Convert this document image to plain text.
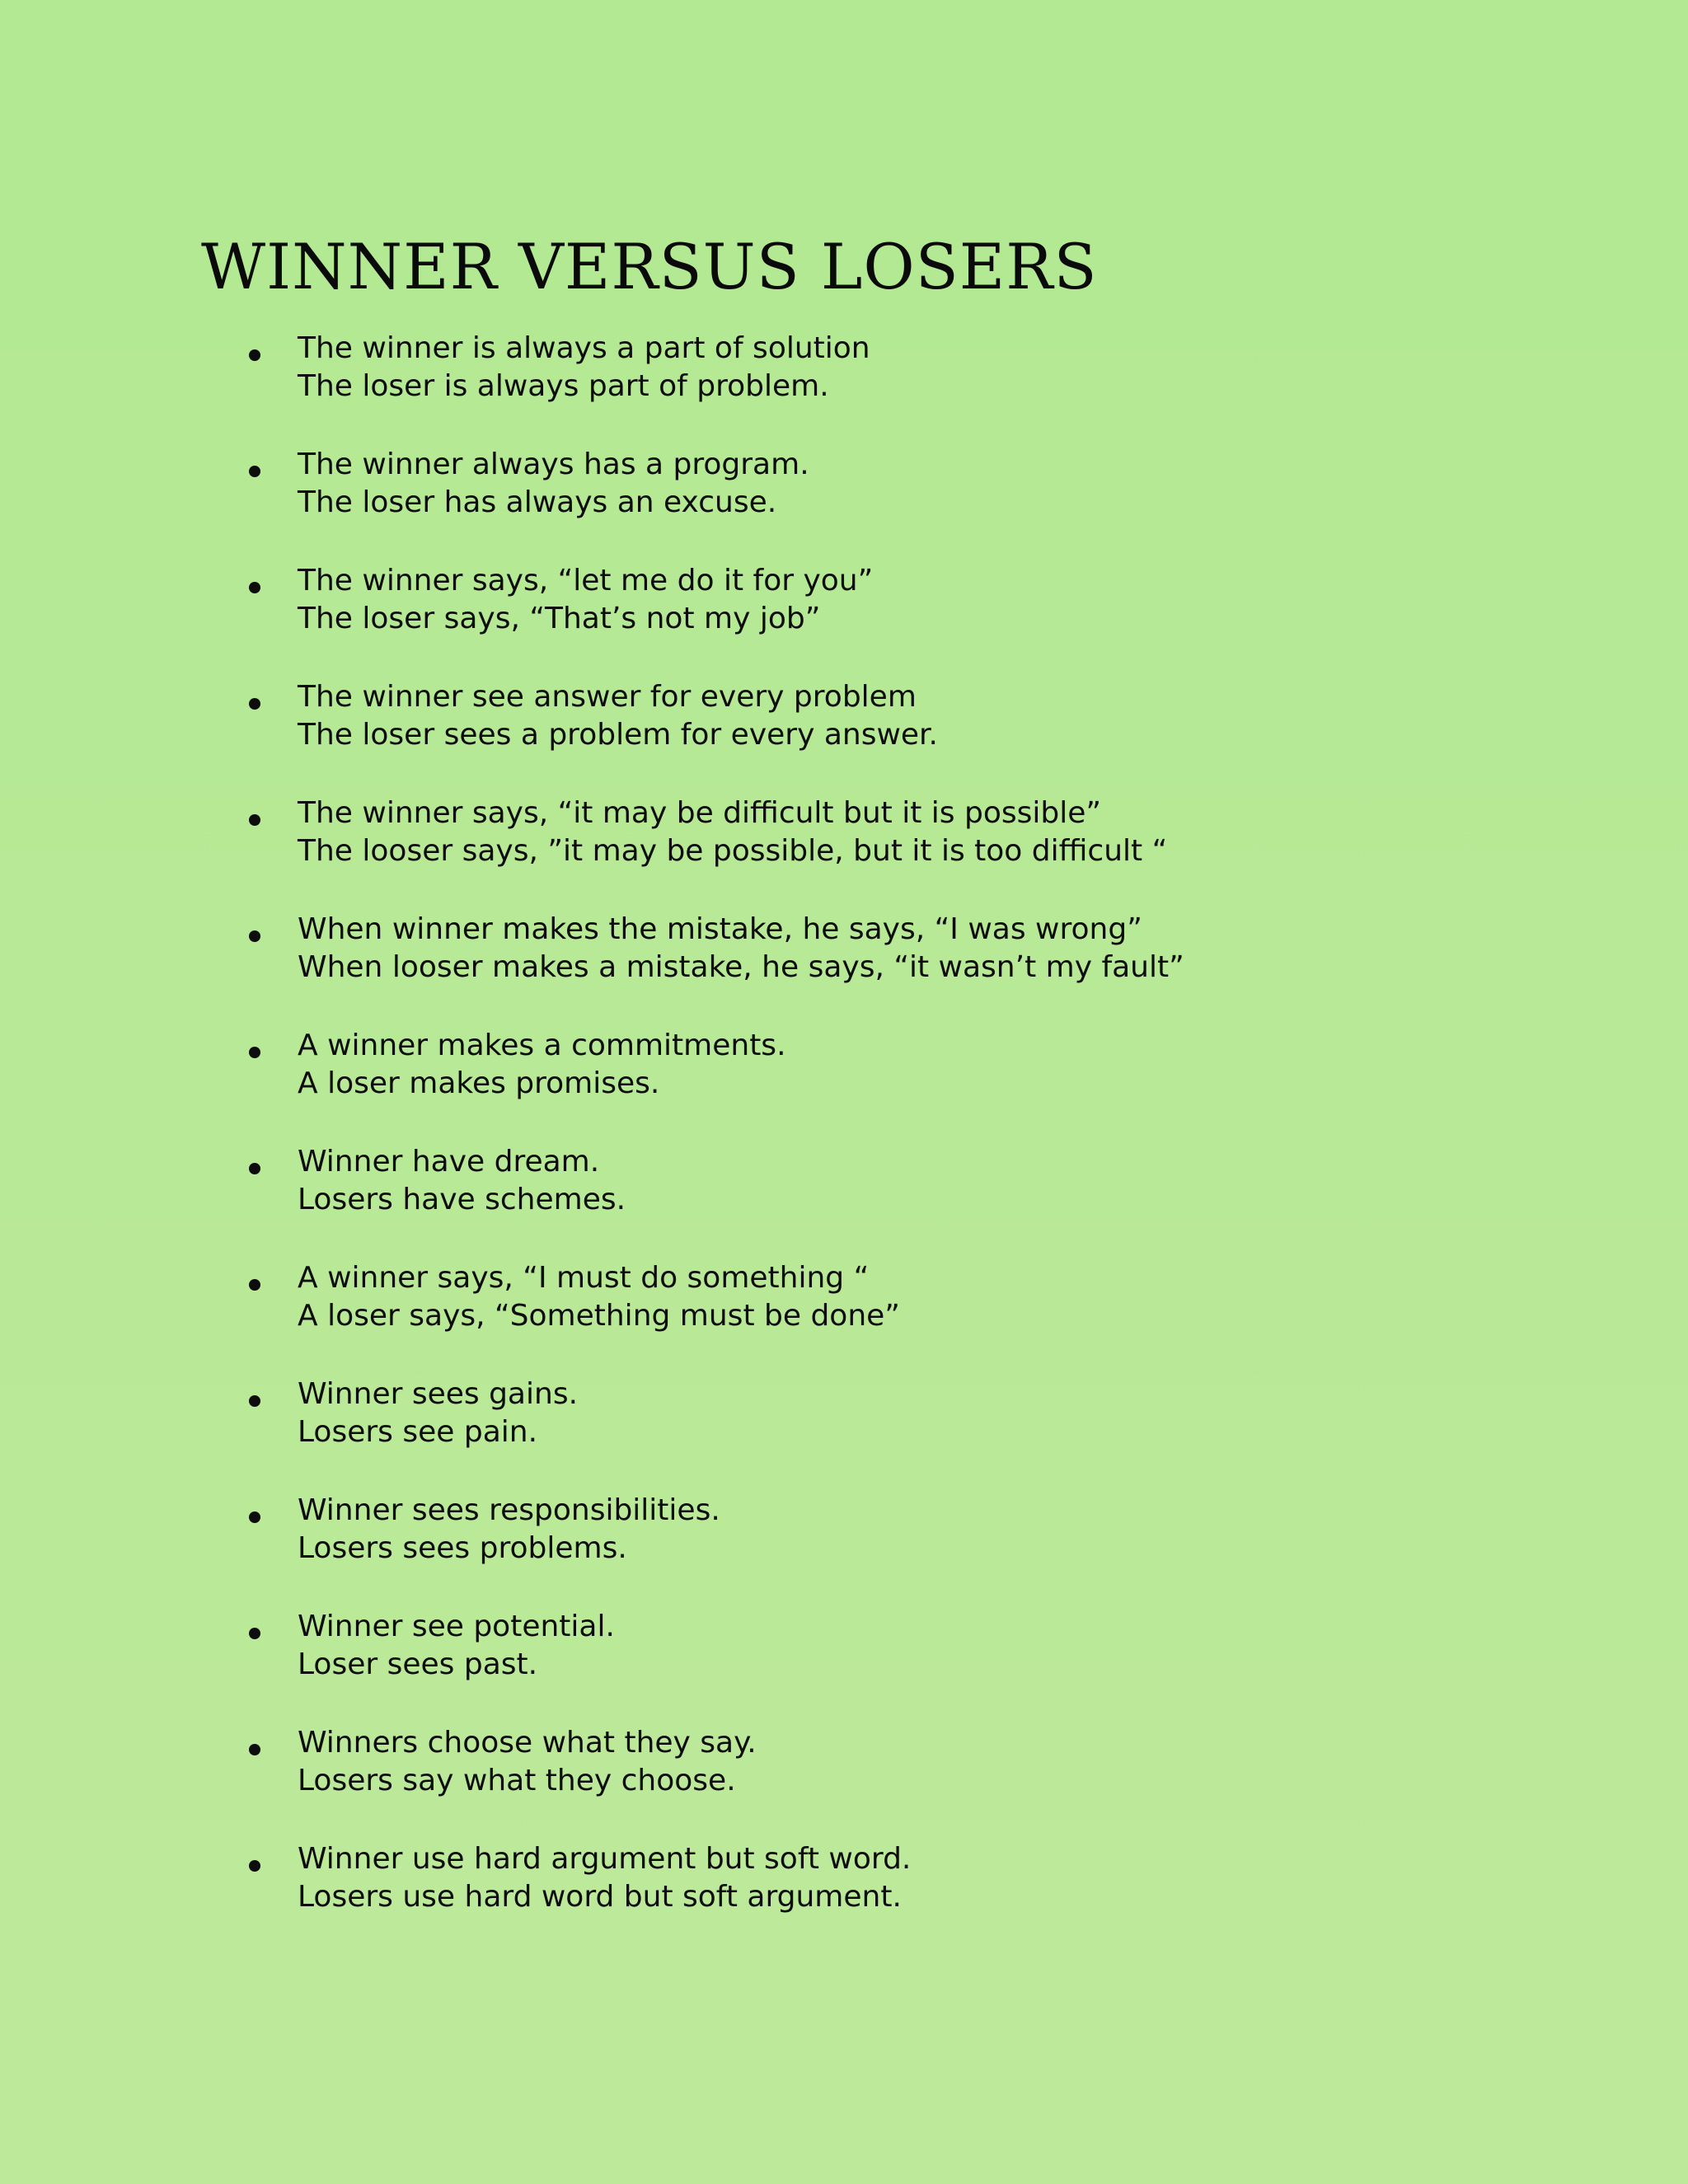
WINNER VERSUS LOSERS
The winner is always a part of solution
The loser is always part of problem.
The winner always has a program.
The loser has always an excuse.
The winner says, “let me do it for you”
The loser says, “That’s not my job”
The winner see answer for every problem
The loser sees a problem for every answer.
The winner says, “it may be difficult but it is possible”
The looser says, ”it may be possible, but it is too difficult “
When winner makes the mistake, he says, “I was wrong”
When looser makes a mistake, he says, “it wasn’t my fault”
A winner makes a commitments.
A loser makes promises.
Winner have dream.
Losers have schemes.
A winner says, “I must do something “
A loser says, “Something must be done”
Winner sees gains.
Losers see pain.
Winner sees responsibilities.
Losers sees problems.
Winner see potential.
Loser sees past.
Winners choose what they say.
Losers say what they choose.
Winner use hard argument but soft word.
Losers use hard word but soft argument.
